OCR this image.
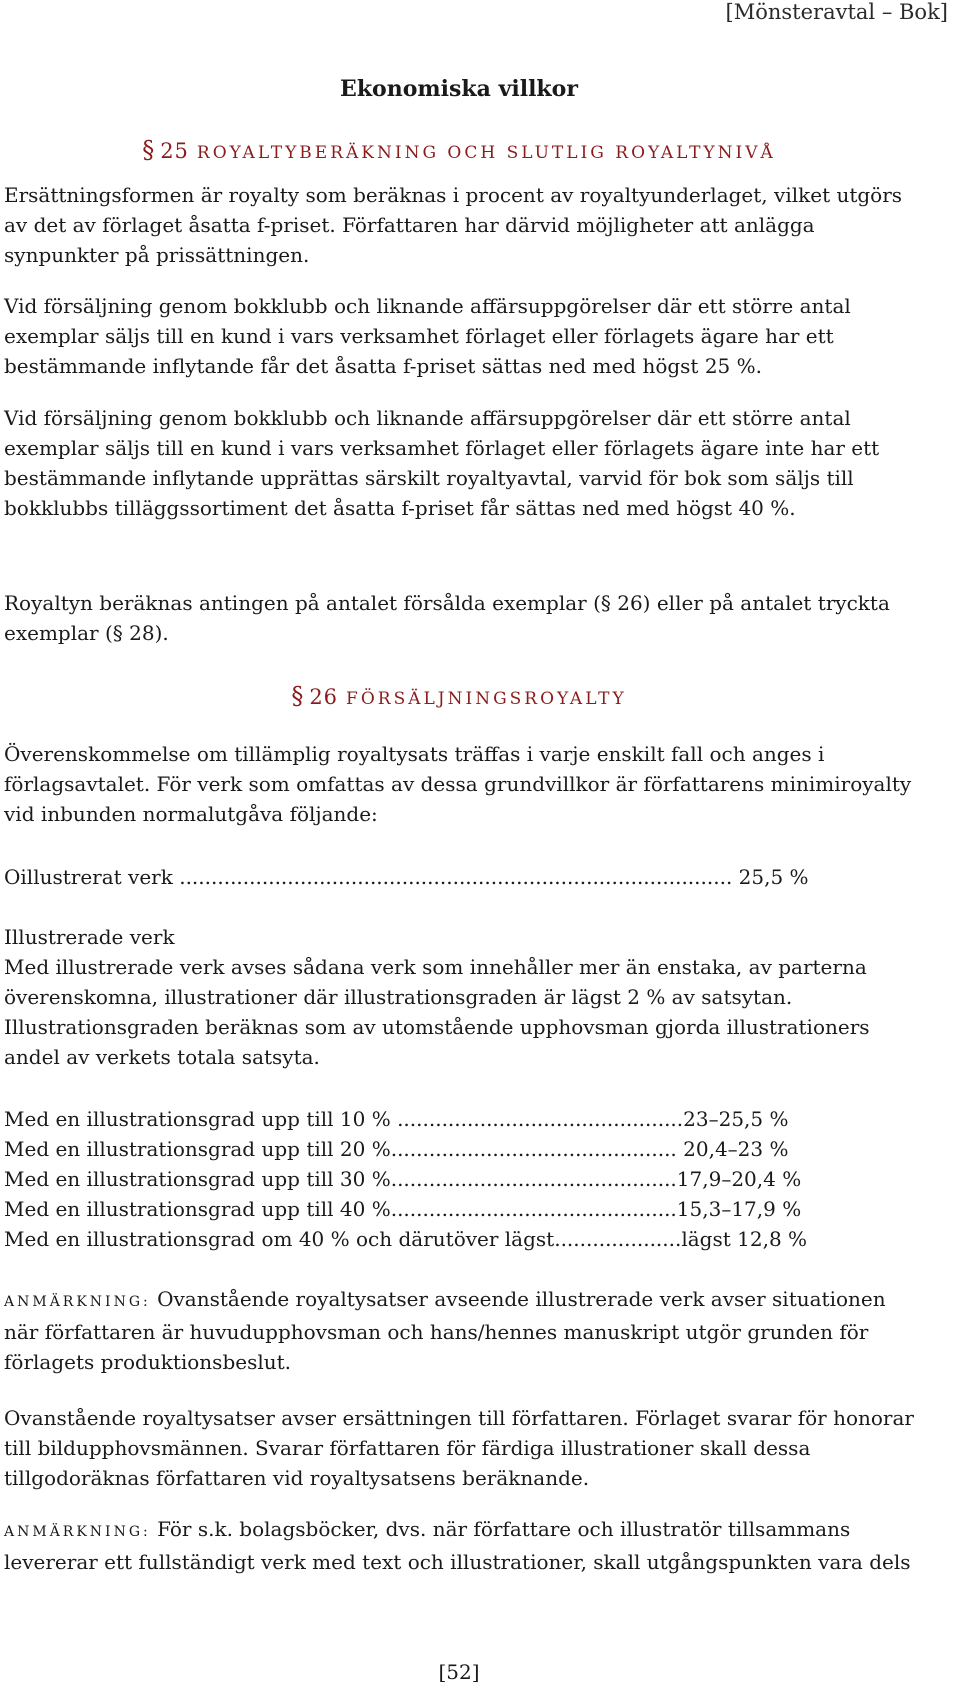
[Mönsteravtal – Bok]
Ekonomiska villkor
§ 25 ROYALTYBERÄKNING OCH SLUTLIG ROYALTYNIVÅ
Ersättningsformen är royalty som beräknas i procent av royaltyunderlaget, vilket utgörs
av det av förlaget åsatta f-priset. Författaren har därvid möjligheter att anlägga
synpunkter på prissättningen.
Vid försäljning genom bokklubb och liknande affärsuppgörelser där ett större antal
exemplar säljs till en kund i vars verksamhet förlaget eller förlagets ägare har ett
bestämmande inflytande får det åsatta f-priset sättas ned med högst 25 %.
Vid försäljning genom bokklubb och liknande affärsuppgörelser där ett större antal
exemplar säljs till en kund i vars verksamhet förlaget eller förlagets ägare inte har ett
bestämmande inflytande upprättas särskilt royaltyavtal, varvid för bok som säljs till
bokklubbs tilläggssortiment det åsatta f-priset får sättas ned med högst 40 %.
Royaltyn beräknas antingen på antalet försålda exemplar (§ 26) eller på antalet tryckta
exemplar (§ 28).
§ 26 FÖRSÄLJNINGSROYALTY
Överenskommelse om tillämplig royaltysats träffas i varje enskilt fall och anges i
förlagsavtalet. För verk som omfattas av dessa grundvillkor är författarens minimiroyalty
vid inbunden normalutgåva följande:
Oillustrerat verk ....................................................................................... 25,5 %
Illustrerade verk
Med illustrerade verk avses sådana verk som innehåller mer än enstaka, av parterna
överenskomna, illustrationer där illustrationsgraden är lägst 2 % av satsytan.
Illustrationsgraden beräknas som av utomstående upphovsman gjorda illustrationers
andel av verkets totala satsyta.
Med en illustrationsgrad upp till 10 % .............................................23–25,5 %
Med en illustrationsgrad upp till 20 %............................................. 20,4–23 %
Med en illustrationsgrad upp till 30 %.............................................17,9–20,4 %
Med en illustrationsgrad upp till 40 %.............................................15,3–17,9 %
Med en illustrationsgrad om 40 % och därutöver lägst....................lägst 12,8 %
ANMÄRKNING: Ovanstående royaltysatser avseende illustrerade verk avser situationen
när författaren är huvudupphovsman och hans/hennes manuskript utgör grunden för
förlagets produktionsbeslut.
Ovanstående royaltysatser avser ersättningen till författaren. Förlaget svarar för honorar
till bildupphovsmännen. Svarar författaren för färdiga illustrationer skall dessa
tillgodoräknas författaren vid royaltysatsens beräknande.
ANMÄRKNING: För s.k. bolagsböcker, dvs. när författare och illustratör tillsammans
levererar ett fullständigt verk med text och illustrationer, skall utgångspunkten vara dels
[52]
